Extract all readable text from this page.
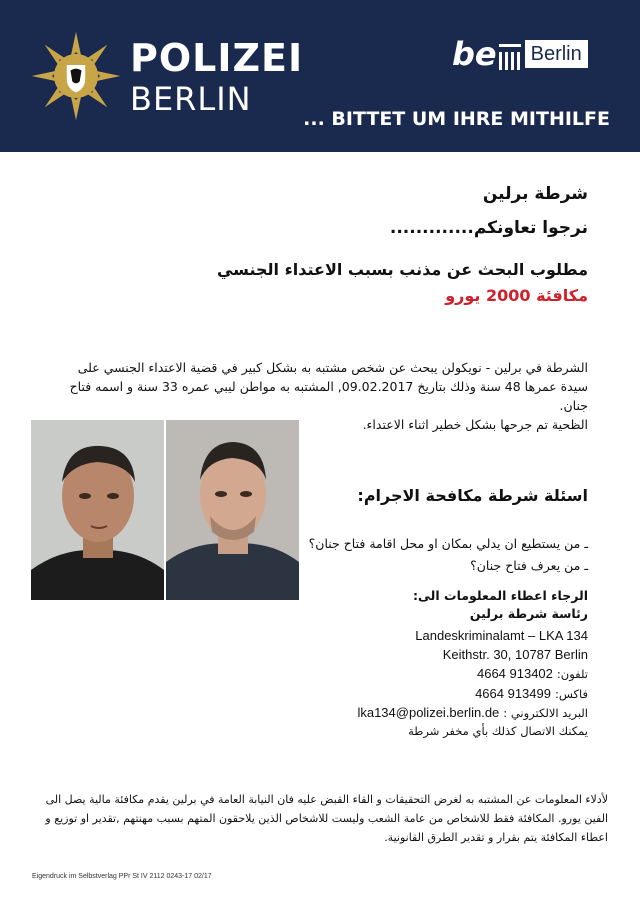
POLIZEI
BERLIN
be	Berlin
... BITTET UM IHRE MITHILFE
شرطة برلين
نرجوا تعاونكم.............
مطلوب البحث عن مذنب بسبب الاعتداء الجنسي
مكافئة 2000 يورو

الشرطة في برلين - نويكولن يبحث عن شخص مشتبه به بشكل كبير في قضية الاعتداء الجنسي على سيدة عمرها 48 سنة وذلك بتاريخ 09.02.2017, المشتبه به مواطن ليبي عمره 33 سنة و اسمه فتاح جنان.

الظحية تم جرحها بشكل خطير اثناء الاعتداء.

اسئلة شرطة مكافحة الاجرام:
ـ من يستطيع ان يدلي بمكان او محل اقامة فتاح جنان؟
ـ من يعرف فتاح جنان؟
الرجاء اعطاء المعلومات الى:
رئاسة شرطة برلين
Landeskriminalamt – LKA 134
Keithstr. 30, 10787 Berlin
تلفون:
4664 913402
فاكس:
4664 913499
البريد الالكتروني :
lka134@polizei.berlin.de
يمكنك الاتصال كذلك بأي مخفر شرطة

لأدلاء المعلومات عن المشتبه به لغرض التحقيقات و القاء القبض عليه فان النيابة العامة في برلين يقدم مكافئة مالية يصل الى الفين يورو. المكافئة فقط للاشخاص من عامة الشعب وليست للاشخاص الذين يلاحقون المتهم بسبب مهنتهم ,تقدير او توزيع و اعطاء المكافئة يتم بقرار و تقدير الطرق القانونية.

Eigendruck im Selbstverlag PPr St IV 2112 0243-17 02/17
